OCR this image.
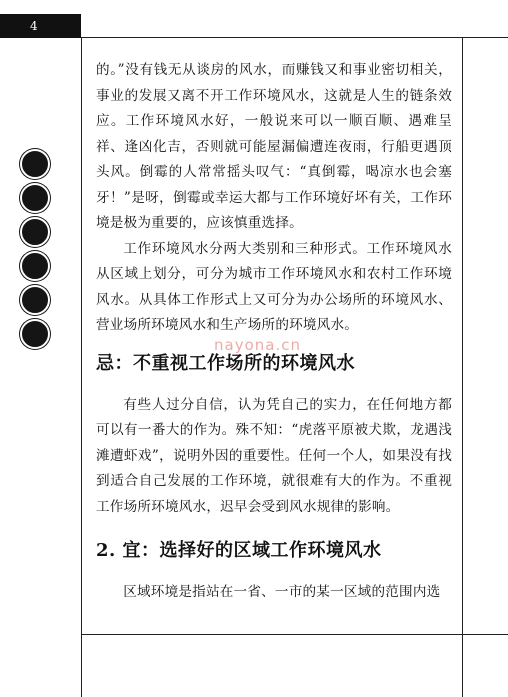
4

的。”没有钱无从谈房的风水，而赚钱又和事业密切相关，事业的发展又离不开工作环境风水，这就是人生的链条效应。工作环境风水好，一般说来可以一顺百顺、遇难呈祥、逢凶化吉，否则就可能屋漏偏遭连夜雨，行船更遇顶头风。倒霉的人常常摇头叹气：“真倒霉，喝凉水也会塞牙！”是呀，倒霉或幸运大都与工作环境好坏有关，工作环境是极为重要的，应该慎重选择。

工作环境风水分两大类别和三种形式。工作环境风水从区域上划分，可分为城市工作环境风水和农村工作环境风水。从具体工作形式上又可分为办公场所的环境风水、营业场所环境风水和生产场所的环境风水。

忌：不重视工作场所的环境风水

有些人过分自信，认为凭自己的实力，在任何地方都可以有一番大的作为。殊不知：“虎落平原被犬欺，龙遇浅滩遭虾戏”，说明外因的重要性。任何一个人，如果没有找到适合自己发展的工作环境，就很难有大的作为。不重视工作场所环境风水，迟早会受到风水规律的影响。

2. 宜：选择好的区域工作环境风水

区域环境是指站在一省、一市的某一区域的范围内选

nayona.cn
